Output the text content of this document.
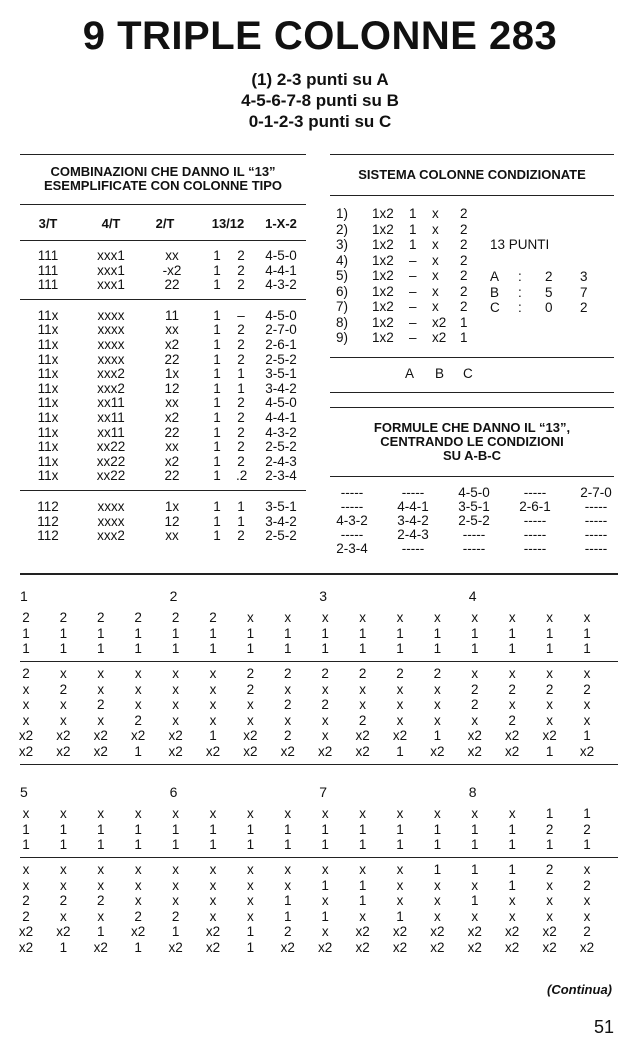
9 TRIPLE COLONNE 283
(1) 2-3 punti su A
4-5-6-7-8 punti su B
0-1-2-3 punti su C
COMBINAZIONI CHE DANNO IL “13”
ESEMPLIFICATE CON COLONNE TIPO
3/T	4/T	2/T	13/12	1-X-2
111	xxx1	xx	1 2	4-5-0
111	xxx1	-x2	1 2	4-4-1
111	xxx1	22	1 2	4-3-2
11x	xxxx	11	1 –	4-5-0
11x	xxxx	xx	1 2	2-7-0
11x	xxxx	x2	1 2	2-6-1
11x	xxxx	22	1 2	2-5-2
11x	xxx2	1x	1 1	3-5-1
11x	xxx2	12	1 1	3-4-2
11x	xx11	xx	1 2	4-5-0
11x	xx11	x2	1 2	4-4-1
11x	xx11	22	1 2	4-3-2
11x	xx22	xx	1 2	2-5-2
11x	xx22	x2	1 2	2-4-3
11x	xx22	22	1 .2	2-3-4
112	xxxx	1x	1 1	3-5-1
112	xxxx	12	1 1	3-4-2
112	xxx2	xx	1 2	2-5-2
SISTEMA COLONNE CONDIZIONATE
1) 1x2 1 x 2
2) 1x2 1 x 2
3) 1x2 1 x 2
4) 1x2 – x 2
5) 1x2 – x 2
6) 1x2 – x 2
7) 1x2 – x 2
8) 1x2 – x2 1
9) 1x2 – x2 1
13 PUNTI
A : 2 3
B : 5 7
C : 0 2
A B C
FORMULE CHE DANNO IL “13”,
CENTRANDO LE CONDIZIONI
SU A-B-C
-----	-----	4-5-0	-----	2-7-0
-----	4-4-1	3-5-1	2-6-1	-----
4-3-2	3-4-2	2-5-2	-----	-----
-----	2-4-3	-----	-----	-----
2-3-4	-----	-----	-----	-----
1	2	3	4
2	2	2	2	2	2	x	x	x	x	x	x	x	x	x	x
1	1	1	1	1	1	1	1	1	1	1	1	1	1	1	1
1	1	1	1	1	1	1	1	1	1	1	1	1	1	1	1
2	x	x	x	x	x	2	2	2	2	2	2	x	x	x	x
x	2	x	x	x	x	2	x	x	x	x	x	2	2	2	2
x	x	2	x	x	x	x	2	2	x	x	x	2	x	x	x
x	x	x	2	x	x	x	x	x	2	x	x	x	2	x	x
x2	x2	x2	x2	x2	1	x2	2	x	x2	x2	1	x2	x2	x2	1
x2	x2	x2	1	x2	x2	x2	x2	x2	x2	1	x2	x2	x2	1	x2
5	6	7	8
x	x	x	x	x	x	x	x	x	x	x	x	x	x	1	1
1	1	1	1	1	1	1	1	1	1	1	1	1	1	2	2
1	1	1	1	1	1	1	1	1	1	1	1	1	1	1	1
x	x	x	x	x	x	x	x	x	x	x	1	1	1	2	x
x	x	x	x	x	x	x	x	1	1	x	x	x	1	x	2
2	2	2	x	x	x	x	1	x	1	x	x	1	x	x	x
2	x	x	2	2	x	x	1	1	x	1	x	x	x	x	x
x2	x2	1	x2	1	x2	1	2	x	x2	x2	x2	x2	x2	x2	2
x2	1	x2	1	x2	x2	1	x2	x2	x2	x2	x2	x2	x2	x2	x2
(Continua)
51
